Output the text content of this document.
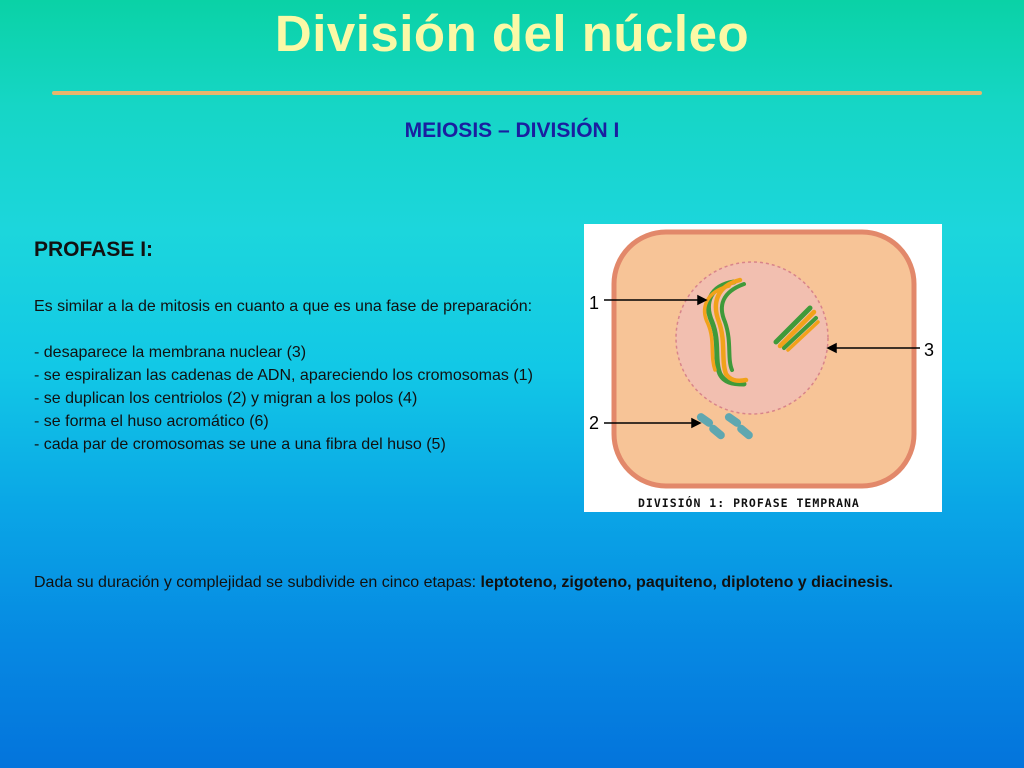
División del núcleo
MEIOSIS – DIVISIÓN I
PROFASE I:

Es similar a la de mitosis en cuanto a que es una fase de preparación:

- desaparece la membrana nuclear (3)

- se espiralizan las cadenas de ADN, apareciendo los cromosomas (1)

- se duplican los centriolos (2) y migran a los polos (4)

- se forma el huso acromático (6)

- cada par de cromosomas se une a una fibra del huso (5)

1
2
3
DIVISIÓN 1: PROFASE TEMPRANA
Dada su duración y complejidad se subdivide en cinco etapas: leptoteno, zigoteno, paquiteno, diploteno y diacinesis.
